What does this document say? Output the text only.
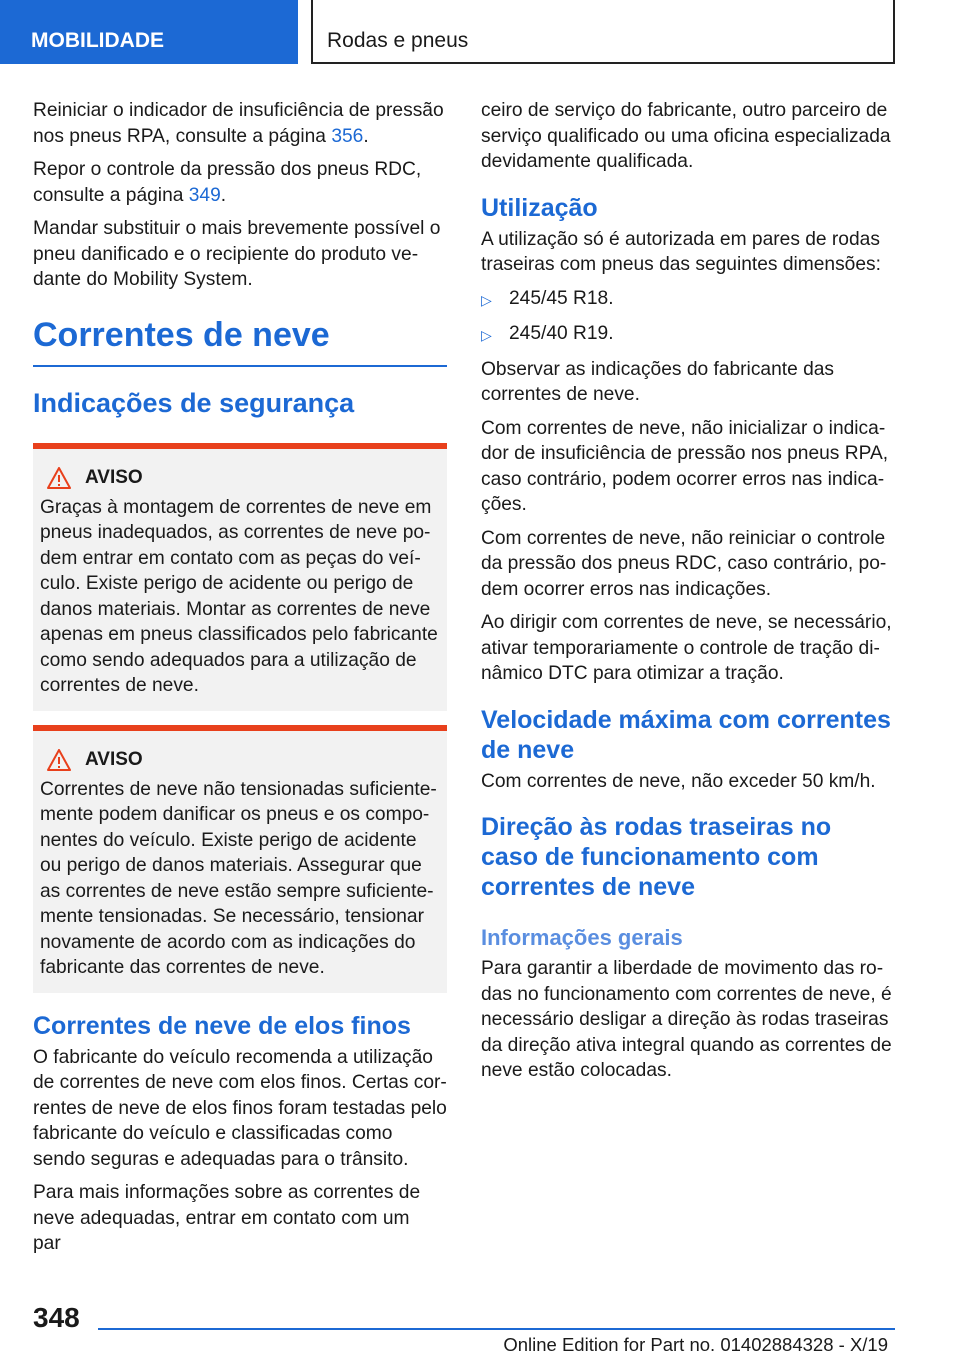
MOBILIDADE	Rodas e pneus

Reiniciar o indicador de insuficiência de pressão nos pneus RPA, consulte a página 356.

Repor o controle da pressão dos pneus RDC, consulte a página 349.

Mandar substituir o mais brevemente possível o pneu danificado e o recipiente do produto vedante do Mobility System.

Correntes de neve
Indicações de segurança
AVISO

Graças à montagem de correntes de neve em pneus inadequados, as correntes de neve podem entrar em contato com as peças do veículo. Existe perigo de acidente ou perigo de danos materiais. Montar as correntes de neve apenas em pneus classificados pelo fabricante como sendo adequados para a utilização de correntes de neve.

AVISO

Correntes de neve não tensionadas suficientemente podem danificar os pneus e os componentes do veículo. Existe perigo de acidente ou perigo de danos materiais. Assegurar que as correntes de neve estão sempre suficientemente tensionadas. Se necessário, tensionar novamente de acordo com as indicações do fabricante das correntes de neve.

Correntes de neve de elos finos

O fabricante do veículo recomenda a utilização de correntes de neve com elos finos. Certas correntes de neve de elos finos foram testadas pelo fabricante do veículo e classificadas como sendo seguras e adequadas para o trânsito.

Para mais informações sobre as correntes de neve adequadas, entrar em contato com um par

ceiro de serviço do fabricante, outro parceiro de serviço qualificado ou uma oficina especializada devidamente qualificada.

Utilização

A utilização só é autorizada em pares de rodas traseiras com pneus das seguintes dimensões:

▷ 245/45 R18.
▷ 245/40 R19.

Observar as indicações do fabricante das correntes de neve.

Com correntes de neve, não inicializar o indicador de insuficiência de pressão nos pneus RPA, caso contrário, podem ocorrer erros nas indicações.

Com correntes de neve, não reiniciar o controle da pressão dos pneus RDC, caso contrário, podem ocorrer erros nas indicações.

Ao dirigir com correntes de neve, se necessário, ativar temporariamente o controle de tração dinâmico DTC para otimizar a tração.

Velocidade máxima com correntes de neve

Com correntes de neve, não exceder 50 km/h.

Direção às rodas traseiras no caso de funcionamento com correntes de neve
Informações gerais

Para garantir a liberdade de movimento das rodas no funcionamento com correntes de neve, é necessário desligar a direção às rodas traseiras da direção ativa integral quando as correntes de neve estão colocadas.

348
Online Edition for Part no. 01402884328 - X/19
